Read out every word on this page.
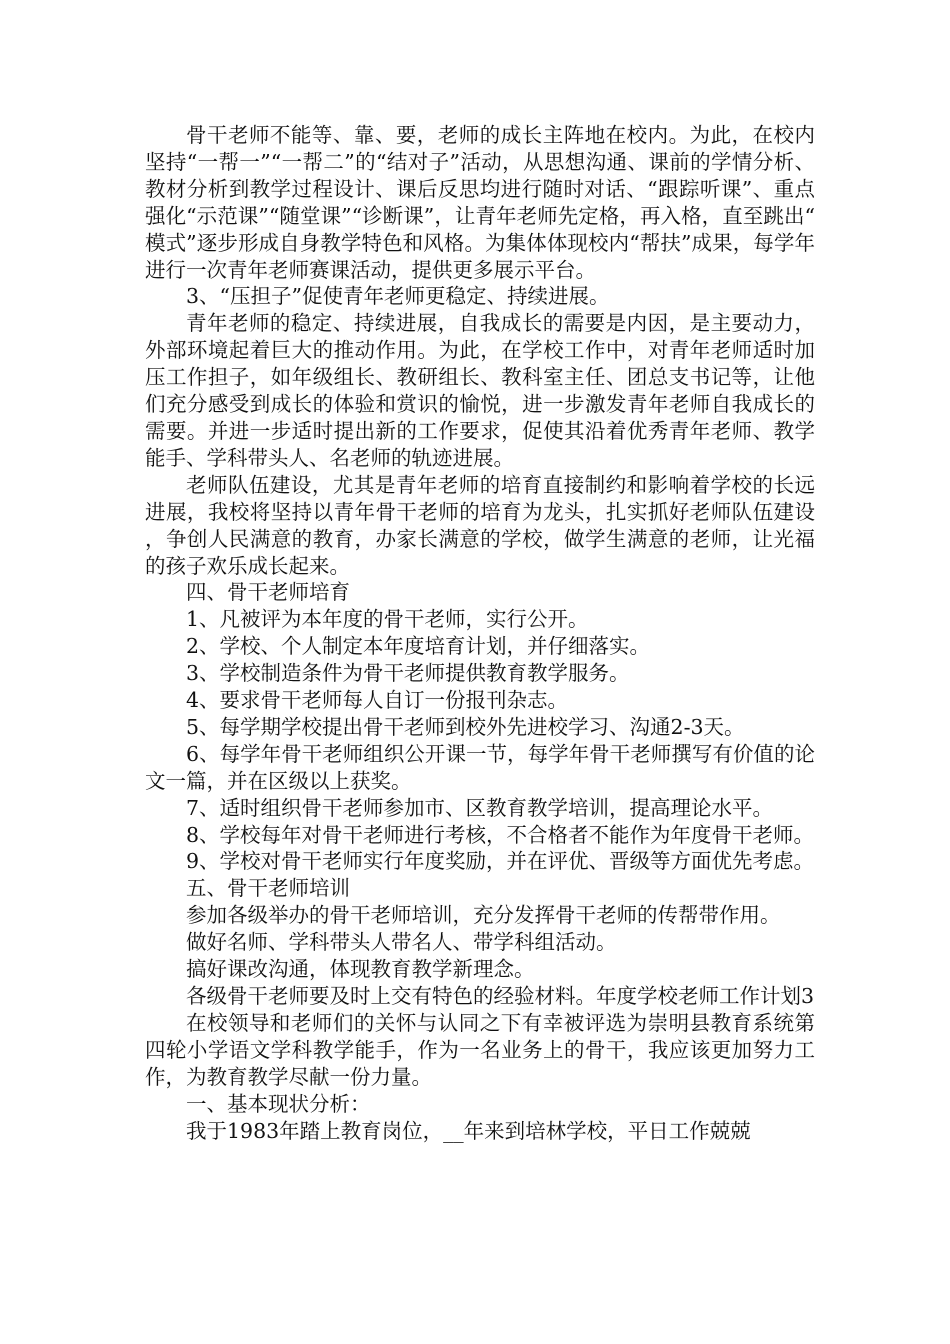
骨干老师不能等、靠、要，老师的成长主阵地在校内。为此，在校内坚持“一帮一”“一帮二”的“结对子”活动，从思想沟通、课前的学情分析、教材分析到教学过程设计、课后反思均进行随时对话、“跟踪听课”、重点强化“示范课”“随堂课”“诊断课”，让青年老师先定格，再入格，直至跳出“模式”逐步形成自身教学特色和风格。为集体体现校内“帮扶”成果，每学年进行一次青年老师赛课活动，提供更多展示平台。

3、“压担子”促使青年老师更稳定、持续进展。

青年老师的稳定、持续进展，自我成长的需要是内因，是主要动力，外部环境起着巨大的推动作用。为此，在学校工作中，对青年老师适时加压工作担子，如年级组长、教研组长、教科室主任、团总支书记等，让他们充分感受到成长的体验和赏识的愉悦，进一步激发青年老师自我成长的需要。并进一步适时提出新的工作要求，促使其沿着优秀青年老师、教学能手、学科带头人、名老师的轨迹进展。

老师队伍建设，尤其是青年老师的培育直接制约和影响着学校的长远进展，我校将坚持以青年骨干老师的培育为龙头，扎实抓好老师队伍建设，争创人民满意的教育，办家长满意的学校，做学生满意的老师，让光福的孩子欢乐成长起来。

四、骨干老师培育

1、凡被评为本年度的骨干老师，实行公开。

2、学校、个人制定本年度培育计划，并仔细落实。

3、学校制造条件为骨干老师提供教育教学服务。

4、要求骨干老师每人自订一份报刊杂志。

5、每学期学校提出骨干老师到校外先进校学习、沟通2-3天。

6、每学年骨干老师组织公开课一节，每学年骨干老师撰写有价值的论文一篇，并在区级以上获奖。

7、适时组织骨干老师参加市、区教育教学培训，提高理论水平。

8、学校每年对骨干老师进行考核，不合格者不能作为年度骨干老师。

9、学校对骨干老师实行年度奖励，并在评优、晋级等方面优先考虑。

五、骨干老师培训

参加各级举办的骨干老师培训，充分发挥骨干老师的传帮带作用。

做好名师、学科带头人带名人、带学科组活动。

搞好课改沟通，体现教育教学新理念。

各级骨干老师要及时上交有特色的经验材料。年度学校老师工作计划3

在校领导和老师们的关怀与认同之下有幸被评选为崇明县教育系统第四轮小学语文学科教学能手，作为一名业务上的骨干，我应该更加努力工作，为教育教学尽献一份力量。

一、基本现状分析：

我于1983年踏上教育岗位，__年来到培林学校，平日工作兢兢
